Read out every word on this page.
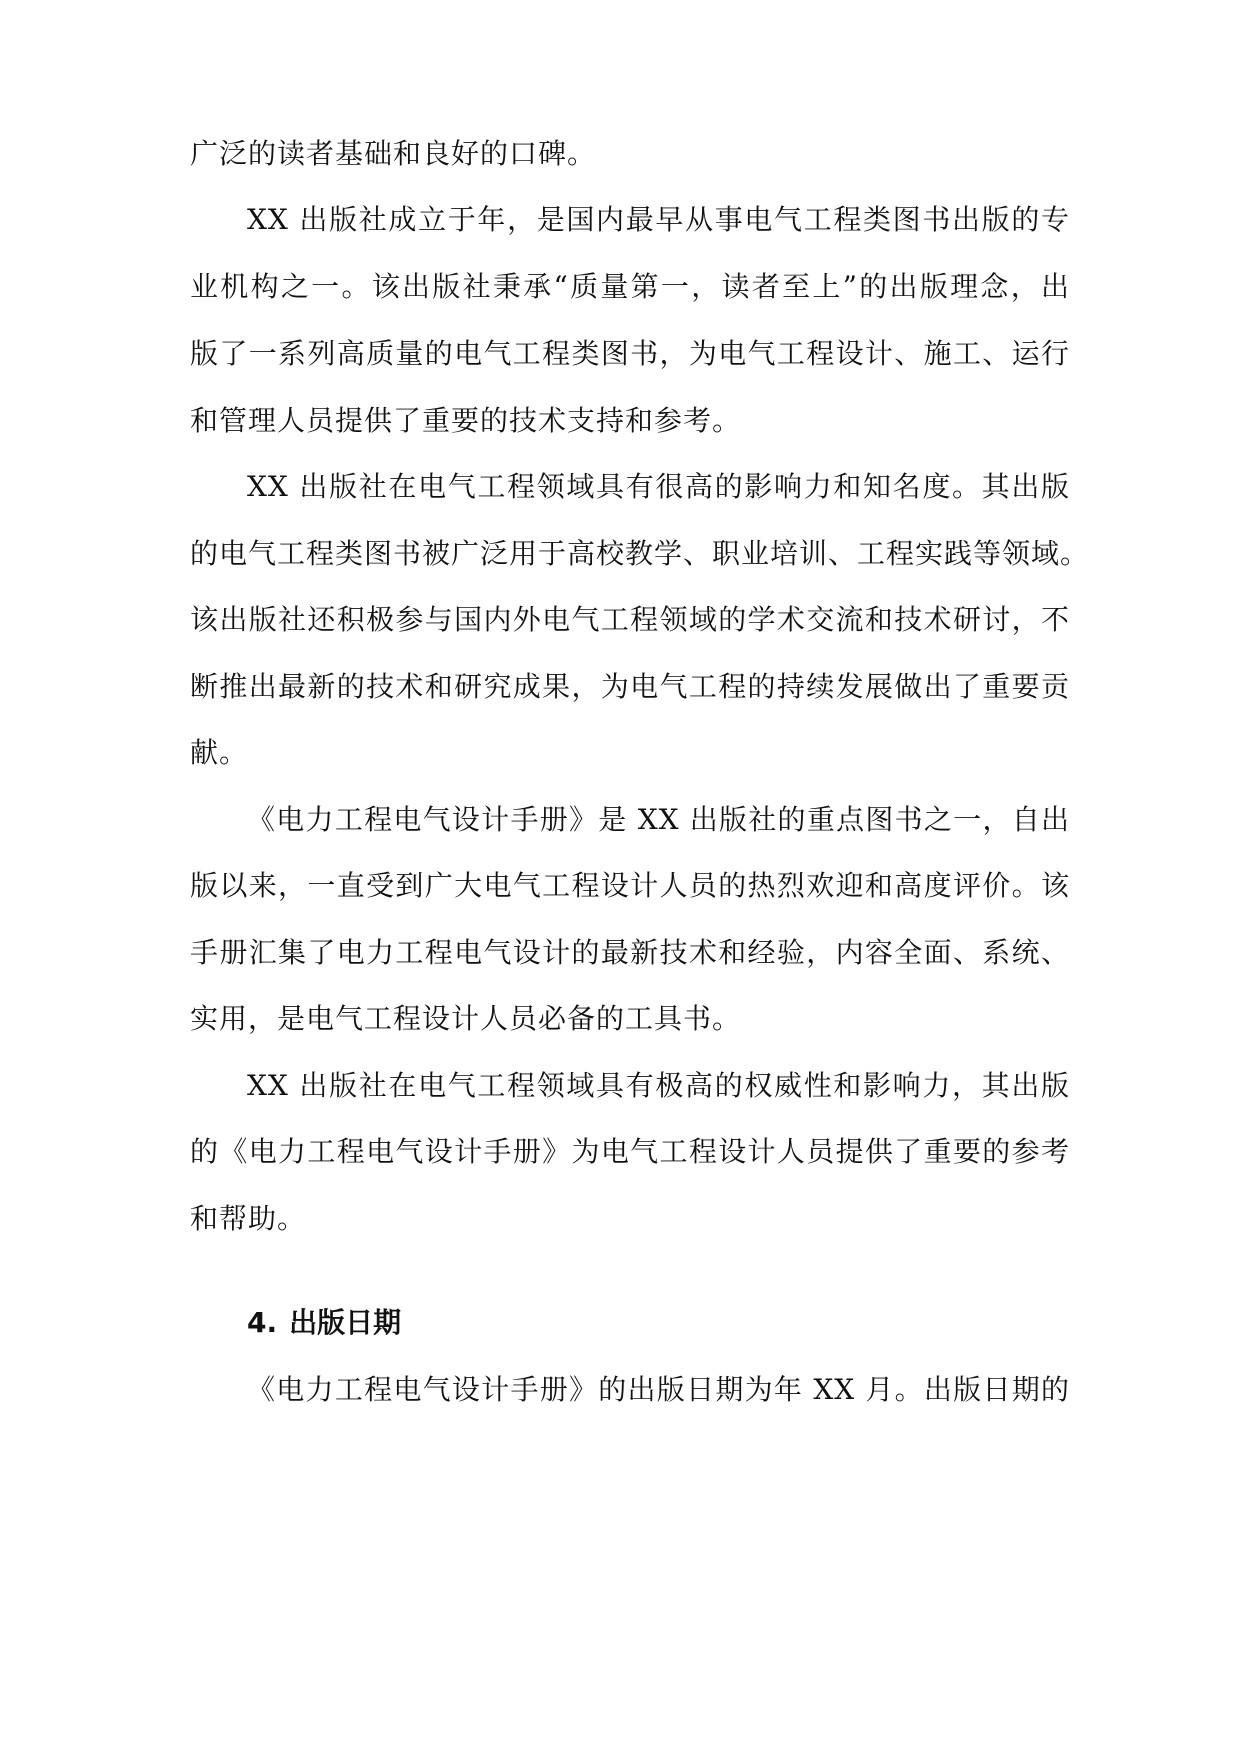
广泛的读者基础和良好的口碑。
XX 出版社成立于年，是国内最早从事电气工程类图书出版的专
业机构之一。该出版社秉承“质量第一，读者至上”的出版理念，出
版了一系列高质量的电气工程类图书，为电气工程设计、施工、运行
和管理人员提供了重要的技术支持和参考。
XX 出版社在电气工程领域具有很高的影响力和知名度。其出版
的电气工程类图书被广泛用于高校教学、职业培训、工程实践等领域。
该出版社还积极参与国内外电气工程领域的学术交流和技术研讨，不
断推出最新的技术和研究成果，为电气工程的持续发展做出了重要贡
献。
《电力工程电气设计手册》是 XX 出版社的重点图书之一，自出
版以来，一直受到广大电气工程设计人员的热烈欢迎和高度评价。该
手册汇集了电力工程电气设计的最新技术和经验，内容全面、系统、
实用，是电气工程设计人员必备的工具书。
XX 出版社在电气工程领域具有极高的权威性和影响力，其出版
的《电力工程电气设计手册》为电气工程设计人员提供了重要的参考
和帮助。
4. 出版日期
《电力工程电气设计手册》的出版日期为年 XX 月。出版日期的
